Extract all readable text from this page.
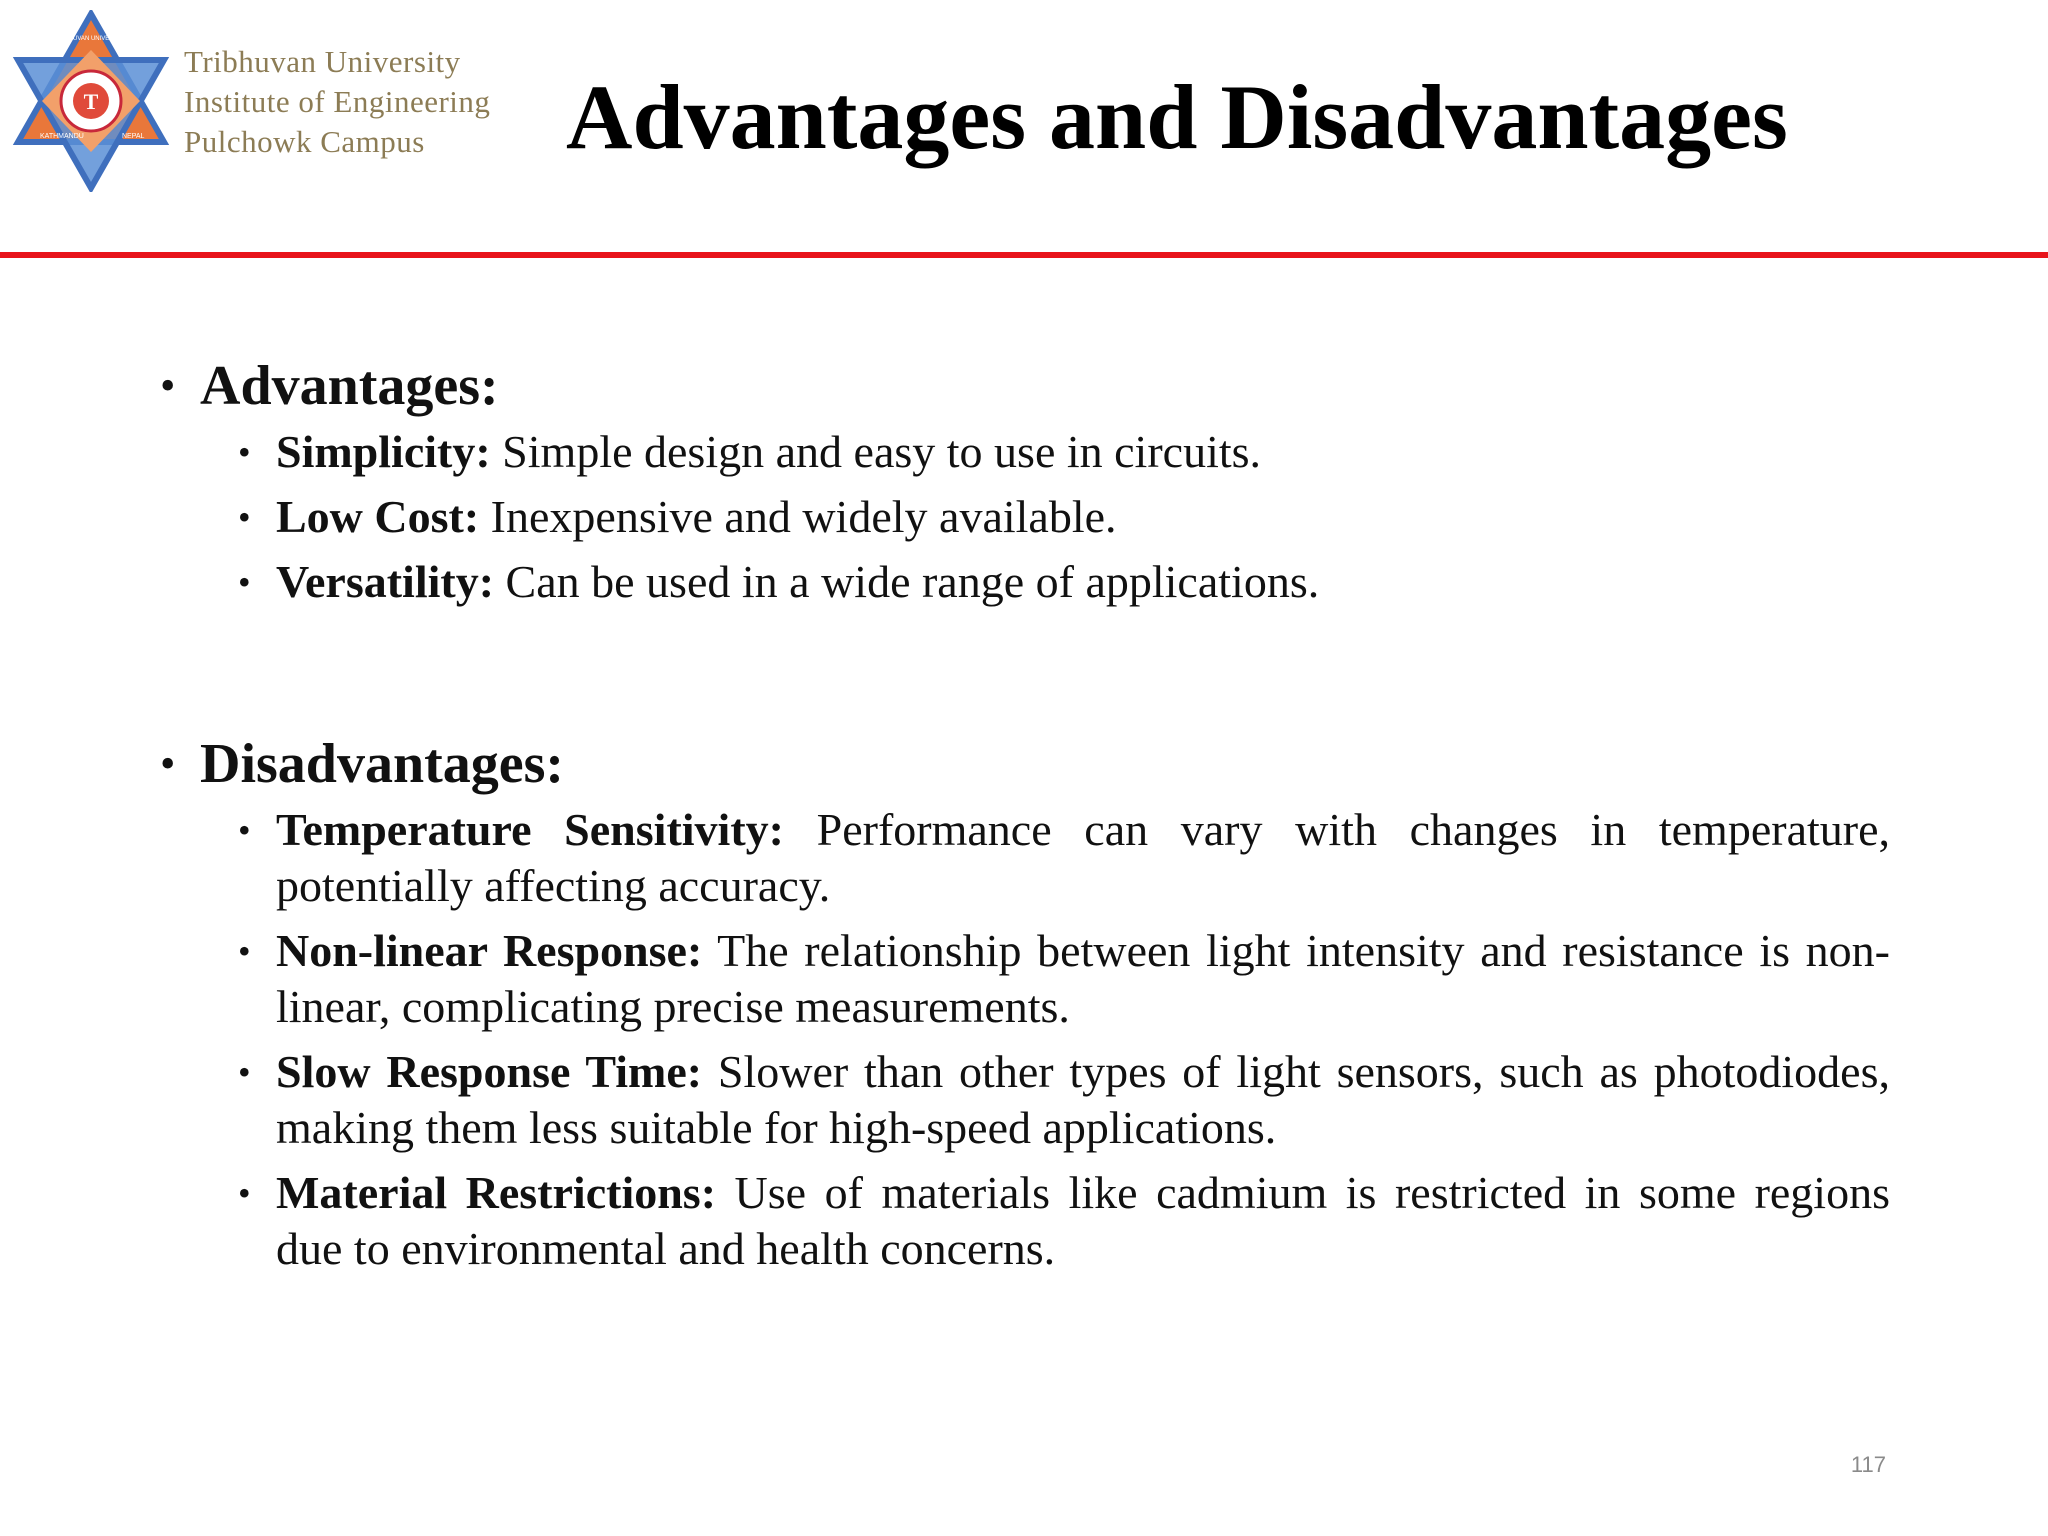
T
KATHMANDU	NEPAL
TRIBHUVAN UNIVERSITY
Tribhuvan University
Institute of Engineering
Pulchowk Campus	Advantages and Disadvantages
• Advantages:
• Simplicity: Simple design and easy to use in circuits.
• Low Cost: Inexpensive and widely available.
• Versatility: Can be used in a wide range of applications.
• Disadvantages:
• Temperature Sensitivity: Performance can vary with changes in temperature, potentially affecting accuracy.
• Non-linear Response: The relationship between light intensity and resistance is non-linear, complicating precise measurements.
• Slow Response Time: Slower than other types of light sensors, such as photodiodes, making them less suitable for high-speed applications.
• Material Restrictions: Use of materials like cadmium is restricted in some regions due to environmental and health concerns.
117
